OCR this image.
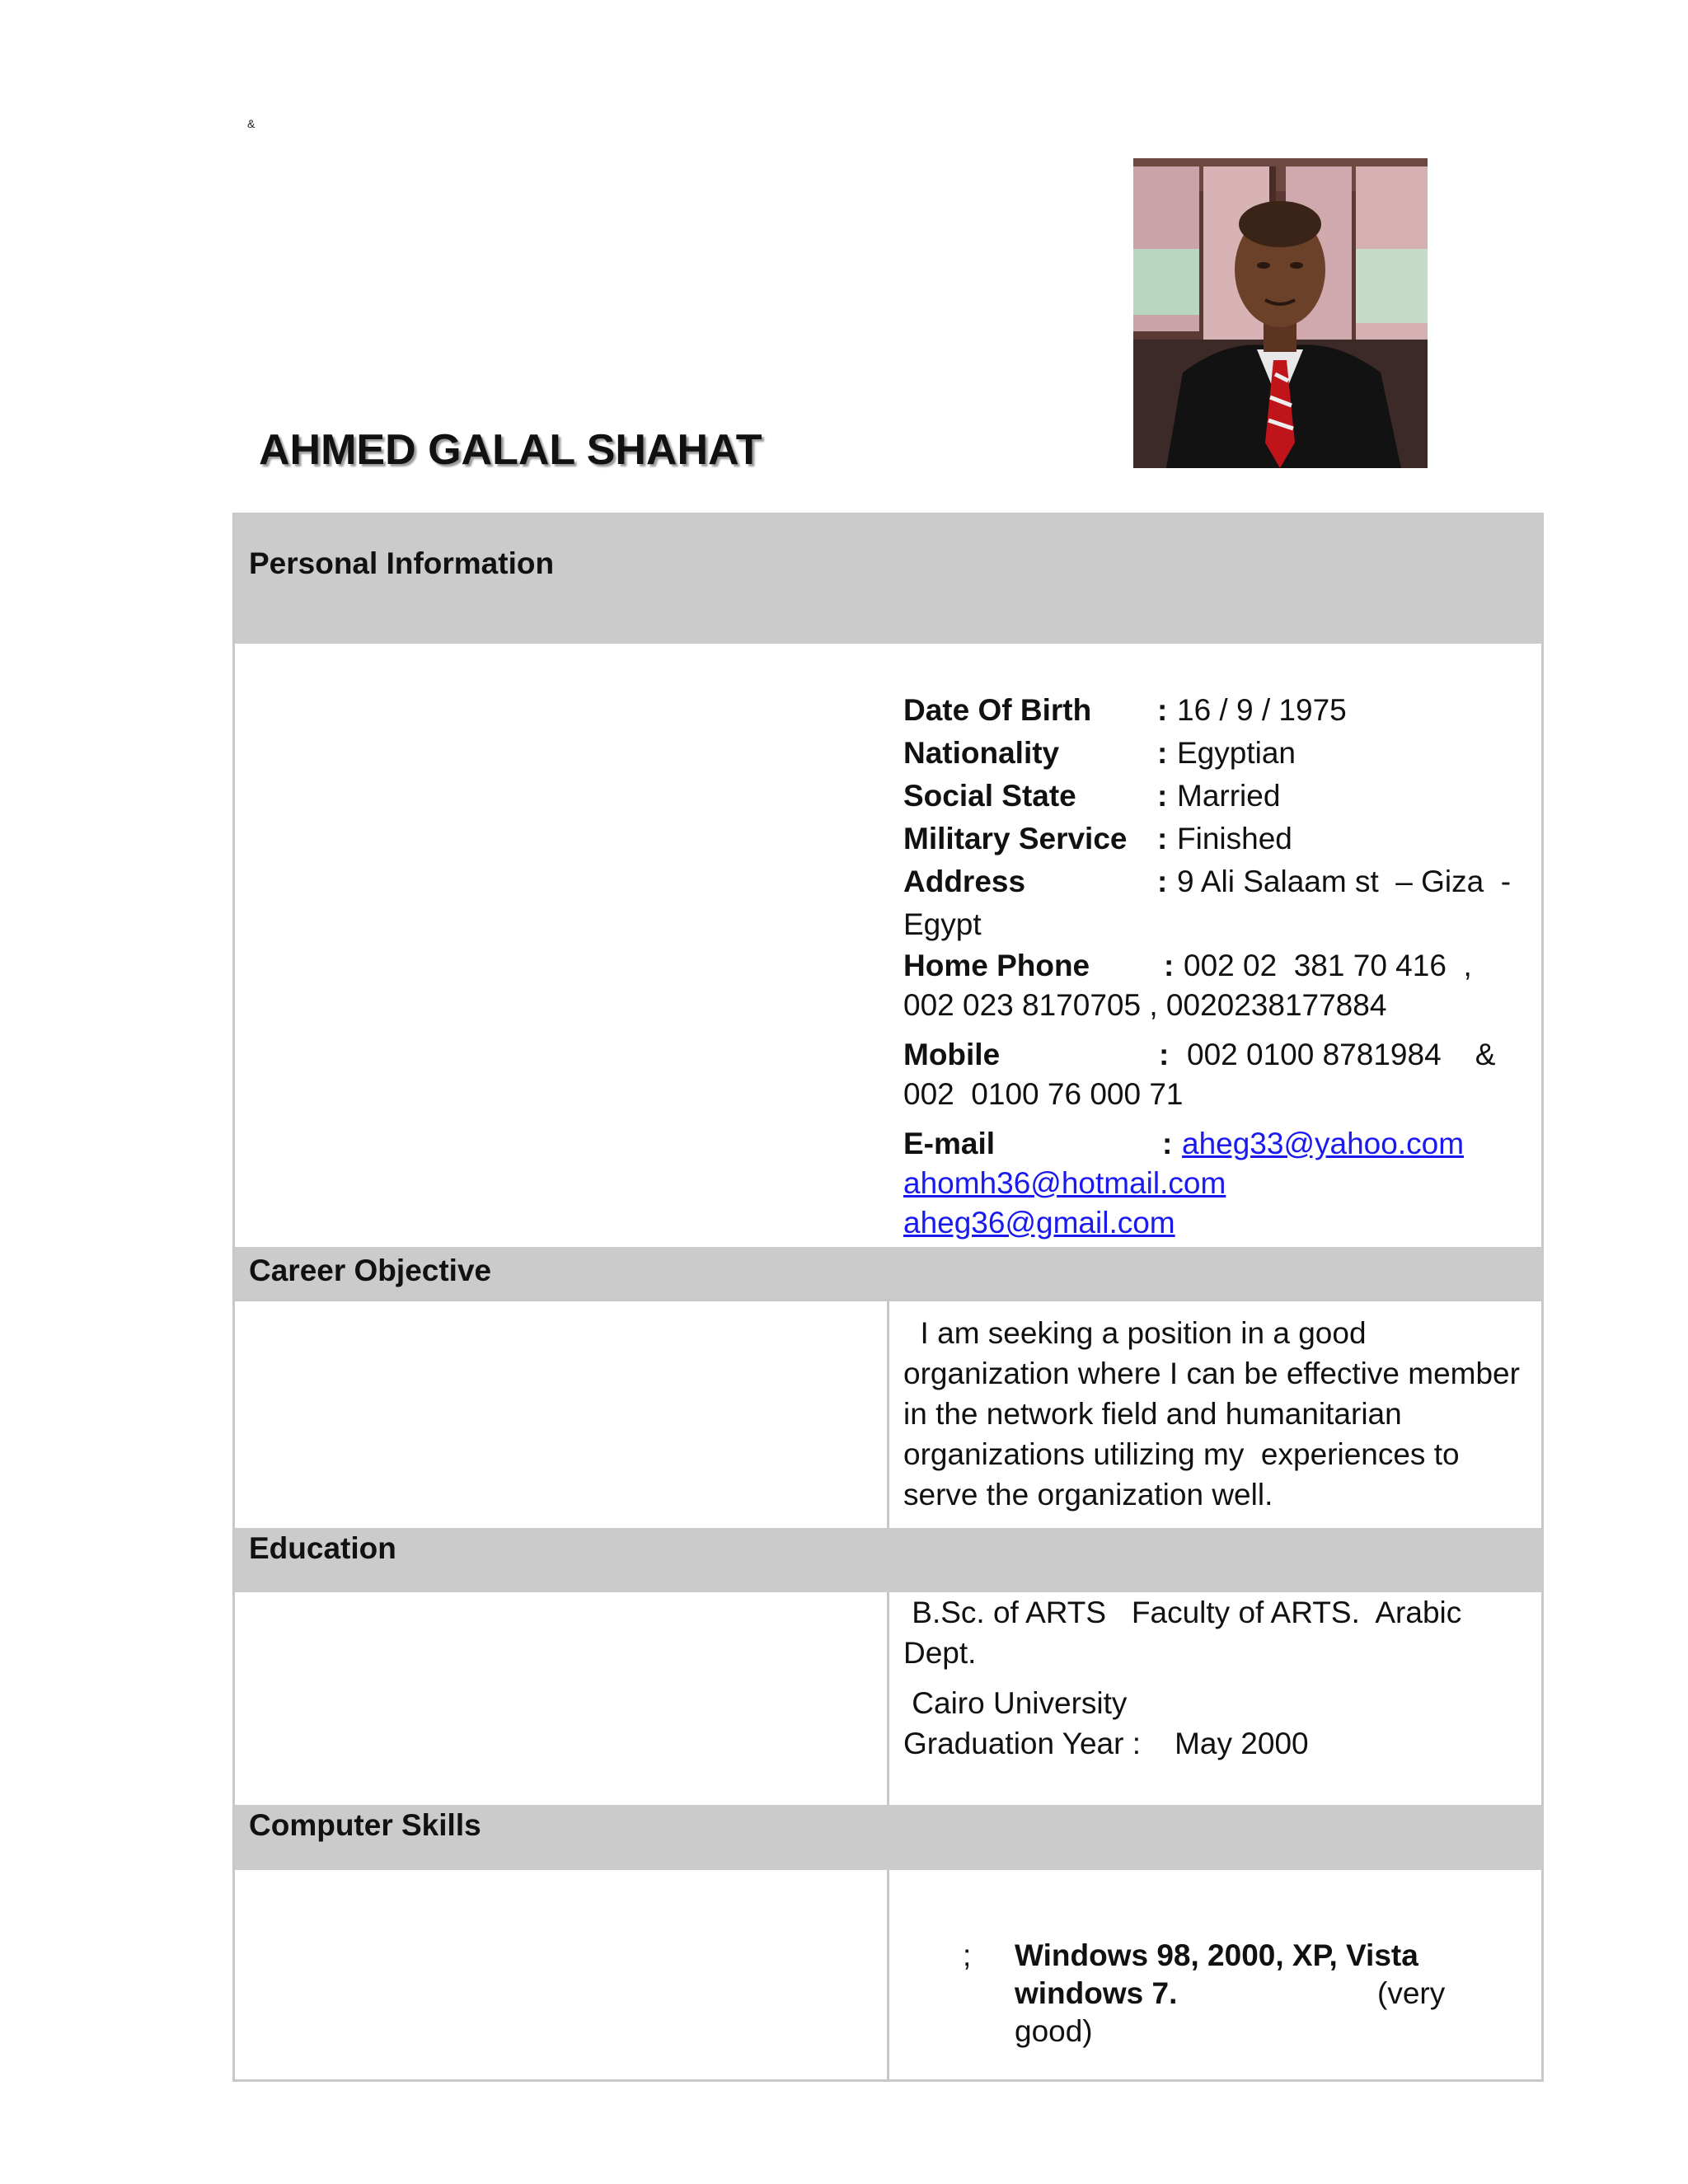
&
AHMED GALAL SHAHAT
Personal Information
Date Of Birth : 16 / 9 / 1975
Nationality	: Egyptian
Social State	: Married
Military Service : Finished
Address	: 9 Ali Salaam st  – Giza  -
Egypt
Home Phone : 002 02  381 70 416  ,
002 023 8170705 , 0020238177884
Mobile	: 002 0100 8781984    &
002  0100 76 000 71
E-mail	: aheg33@yahoo.com
ahomh36@hotmail.com
aheg36@gmail.com
Career Objective
I am seeking a position in a good
organization where I can be effective member
in the network field and humanitarian
organizations utilizing my  experiences to
serve the organization well.
Education
B.Sc. of ARTS   Faculty of ARTS.  Arabic
Dept.
Cairo University
Graduation Year :    May 2000
Computer Skills
; Windows 98, 2000, XP, Vista
windows 7.	(very
good)
